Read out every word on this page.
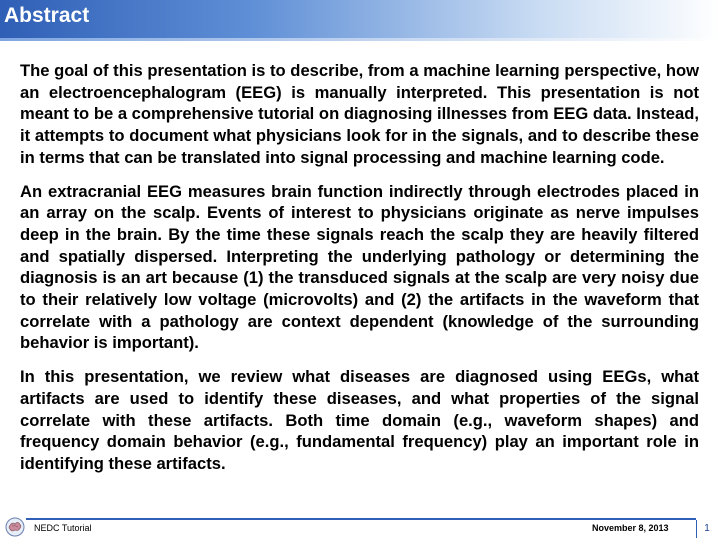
Abstract

The goal of this presentation is to describe, from a machine learning perspective, how an electroencephalogram (EEG) is manually interpreted. This presentation is not meant to be a comprehensive tutorial on diagnosing illnesses from EEG data. Instead, it attempts to document what physicians look for in the signals, and to describe these in terms that can be translated into signal processing and machine learning code.

An extracranial EEG measures brain function indirectly through electrodes placed in an array on the scalp. Events of interest to physicians originate as nerve impulses deep in the brain. By the time these signals reach the scalp they are heavily filtered and spatially dispersed. Interpreting the underlying pathology or determining the diagnosis is an art because (1) the transduced signals at the scalp are very noisy due to their relatively low voltage (microvolts) and (2) the artifacts in the waveform that correlate with a pathology are context dependent (knowledge of the surrounding behavior is important).

In this presentation, we review what diseases are diagnosed using EEGs, what artifacts are used to identify these diseases, and what properties of the signal correlate with these artifacts. Both time domain (e.g., waveform shapes) and frequency domain behavior (e.g., fundamental frequency) play an important role in identifying these artifacts.

NEDC Tutorial	November 8, 2013	1
